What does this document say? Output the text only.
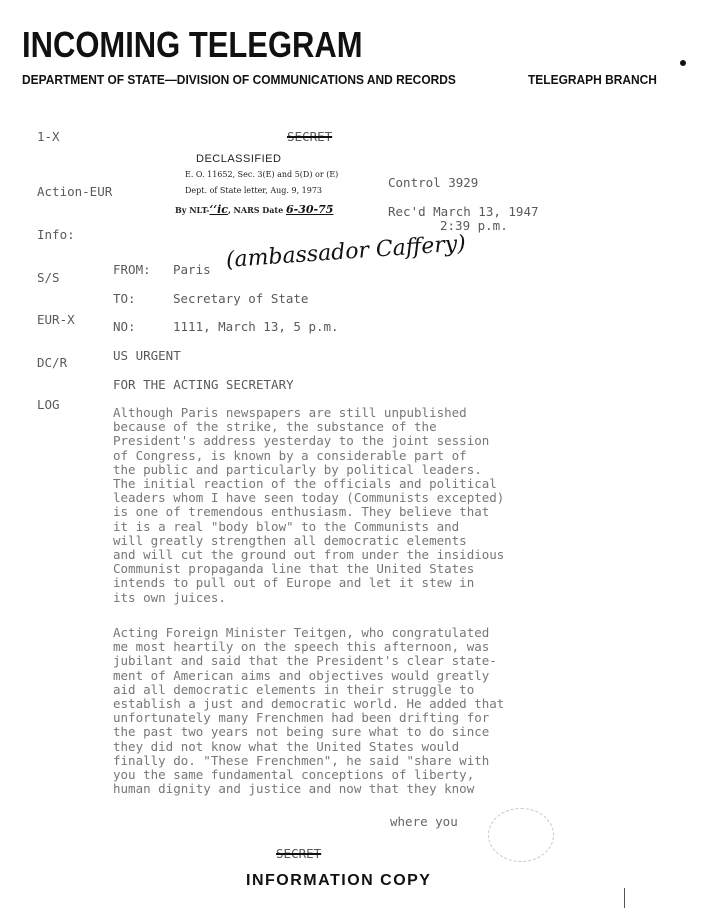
INCOMING TELEGRAM
DEPARTMENT OF STATE—DIVISION OF COMMUNICATIONS AND RECORDS	TELEGRAPH BRANCH
SECRET
1-X

Action-EUR

Info:

S/S

EUR-X

DC/R

LOG

DECLASSIFIED
E. O. 11652, Sec. 3(E) and 5(D) or (E)
Dept. of State letter, Aug. 9, 1973
By NLT-ʻʻic, NARS Date 6-30-75
Control 3929
Rec'd March 13, 1947
2:39 p.m.
FROM: Paris (ambassador Caffery)
TO:	Secretary of State
NO:	1111, March 13, 5 p.m.
US URGENT
FOR THE ACTING SECRETARY
Although Paris newspapers are still unpublished
because of the strike, the substance of the
President's address yesterday to the joint session
of Congress, is known by a considerable part of
the public and particularly by political leaders.
The initial reaction of the officials and political
leaders whom I have seen today (Communists excepted)
is one of tremendous enthusiasm. They believe that
it is a real "body blow" to the Communists and
will greatly strengthen all democratic elements
and will cut the ground out from under the insidious
Communist propaganda line that the United States
intends to pull out of Europe and let it stew in
its own juices.
Acting Foreign Minister Teitgen, who congratulated
me most heartily on the speech this afternoon, was
jubilant and said that the President's clear state-
ment of American aims and objectives would greatly
aid all democratic elements in their struggle to
establish a just and democratic world. He added that
unfortunately many Frenchmen had been drifting for
the past two years not being sure what to do since
they did not know what the United States would
finally do. "These Frenchmen", he said "share with
you the same fundamental conceptions of liberty,
human dignity and justice and now that they know
where you
SECRET
INFORMATION COPY
